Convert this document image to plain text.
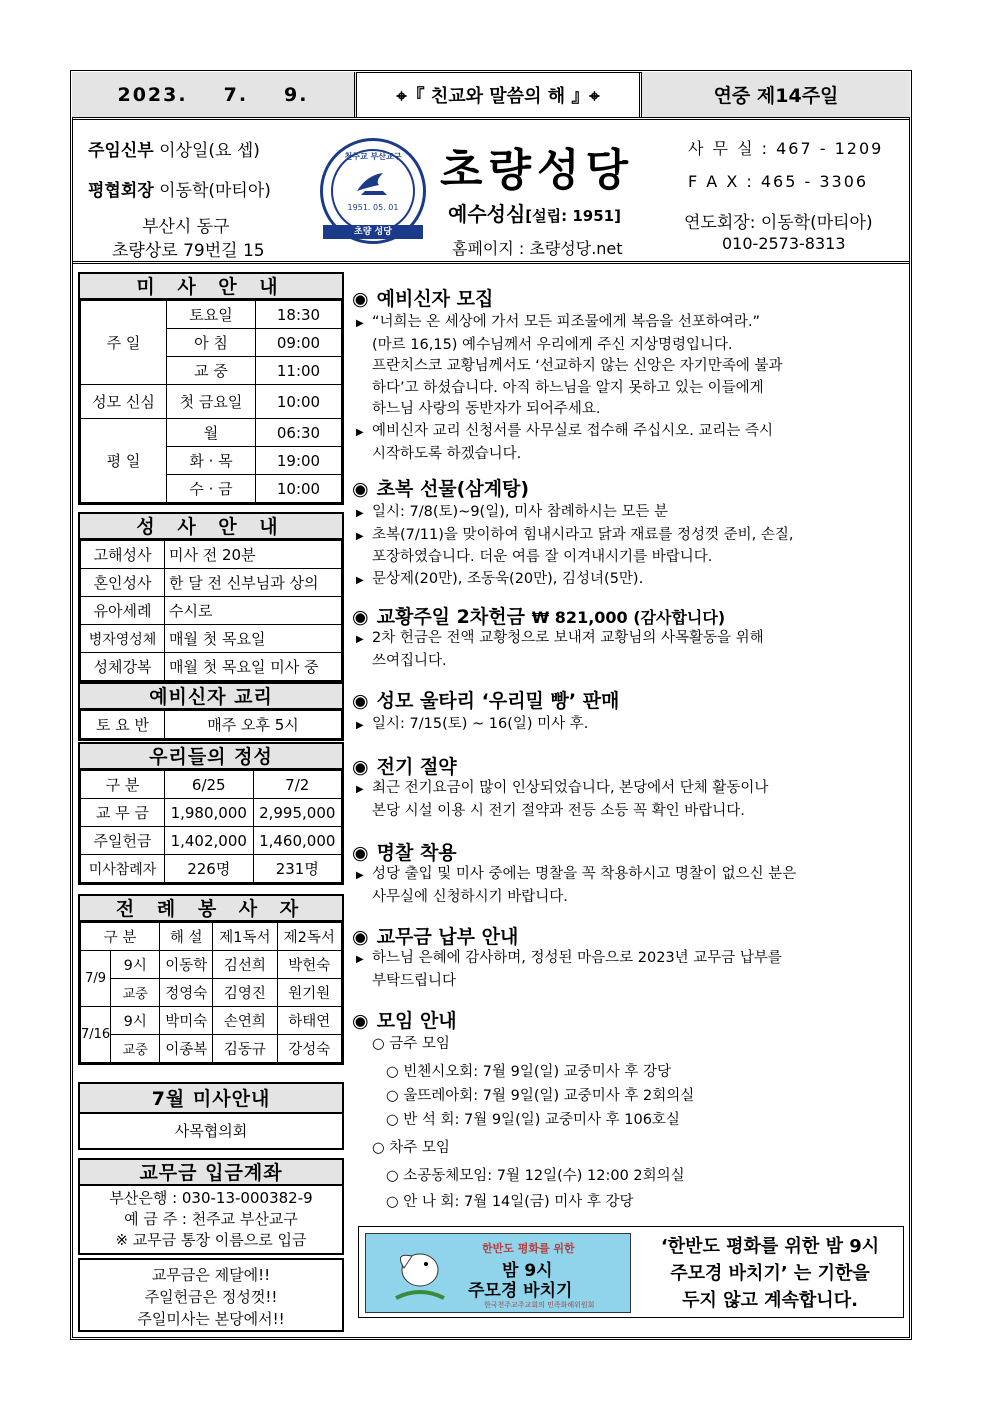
2023. 7. 9.	⌖『 친교와 말씀의 해 』⌖	연중 제14주일
주임신부 이상일(요 셉)
평협회장 이동학(마티아)
부산시 동구
초량상로 79번길 15
천주교 부산교구
1951. 05. 01
초량 성당
초량성당
예수성심[설립: 1951]
홈페이지 : 초량성당.net
사 무 실 : 467 - 1209
F A X : 465 - 3306
연도회장: 이동학(마티아)
010-2573-8313
미 사 안 내
주 일	토요일	18:30
	아 침	09:00
	교 중	11:00
성모 신심	첫 금요일	10:00
평 일	월	06:30
	화 · 목	19:00
	수 · 금	10:00
성 사 안 내
고해성사	미사 전 20분
혼인성사	한 달 전 신부님과 상의
유아세례	수시로
병자영성체	매월 첫 목요일
성체강복	매월 첫 목요일 미사 중
예비신자 교리
토 요 반	매주 오후 5시
우리들의 정성
구 분	6/25	7/2
교 무 금	1,980,000	2,995,000
주일헌금	1,402,000	1,460,000
미사참례자	226명	231명
전 례 봉 사 자
구 분		해 설	제1독서	제2독서
7/9	9시	이동학	김선희	박헌숙
	교중	정영숙	김영진	원기원
7/16	9시	박미숙	손연희	하태연
	교중	이종복	김동규	강성숙
7월 미사안내
사목협의회
교무금 입금계좌
부산은행 : 030-13-000382-9
예 금 주 : 천주교 부산교구
※ 교무금 통장 이름으로 입금
교무금은 제달에!!
주일헌금은 정성껏!!
주일미사는 본당에서!!
◉ 예비신자 모집
▶ “너희는 온 세상에 가서 모든 피조물에게 복음을 선포하여라.”
(마르 16,15) 예수님께서 우리에게 주신 지상명령입니다.
프란치스코 교황님께서도 ‘선교하지 않는 신앙은 자기만족에 불과
하다’고 하셨습니다. 아직 하느님을 알지 못하고 있는 이들에게
하느님 사랑의 동반자가 되어주세요.
▶ 예비신자 교리 신청서를 사무실로 접수해 주십시오. 교리는 즉시
시작하도록 하겠습니다.
◉ 초복 선물(삼계탕)
▶ 일시: 7/8(토)~9(일), 미사 참례하시는 모든 분
▶ 초복(7/11)을 맞이하여 힘내시라고 닭과 재료를 정성껏 준비, 손질,
포장하였습니다. 더운 여름 잘 이겨내시기를 바랍니다.
▶ 문상제(20만), 조동욱(20만), 김성녀(5만).
◉ 교황주일 2차헌금 ₩ 821,000 (감사합니다)
▶ 2차 헌금은 전액 교황청으로 보내져 교황님의 사목활동을 위해
쓰여집니다.
◉ 성모 울타리 ‘우리밀 빵’ 판매
▶ 일시: 7/15(토) ~ 16(일) 미사 후.
◉ 전기 절약
▶ 최근 전기요금이 많이 인상되었습니다, 본당에서 단체 활동이나
본당 시설 이용 시 전기 절약과 전등 소등 꼭 확인 바랍니다.
◉ 명찰 착용
▶ 성당 출입 및 미사 중에는 명찰을 꼭 착용하시고 명찰이 없으신 분은
사무실에 신청하시기 바랍니다.
◉ 교무금 납부 안내
▶ 하느님 은혜에 감사하며, 정성된 마음으로 2023년 교무금 납부를
부탁드립니다
◉ 모임 안내
○ 금주 모임
○ 빈첸시오회: 7월 9일(일) 교중미사 후 강당
○ 울뜨레아회: 7월 9일(일) 교중미사 후 2회의실
○ 반 석 회: 7월 9일(일) 교중미사 후 106호실
○ 차주 모임
○ 소공동체모임: 7월 12일(수) 12:00 2회의실
○ 안 나 회: 7월 14일(금) 미사 후 강당
한반도 평화를 위한
밤 9시
주모경 바치기
한국천주교주교회의 민족화해위원회
‘한반도 평화를 위한 밤 9시
주모경 바치기’ 는 기한을
두지 않고 계속합니다.
